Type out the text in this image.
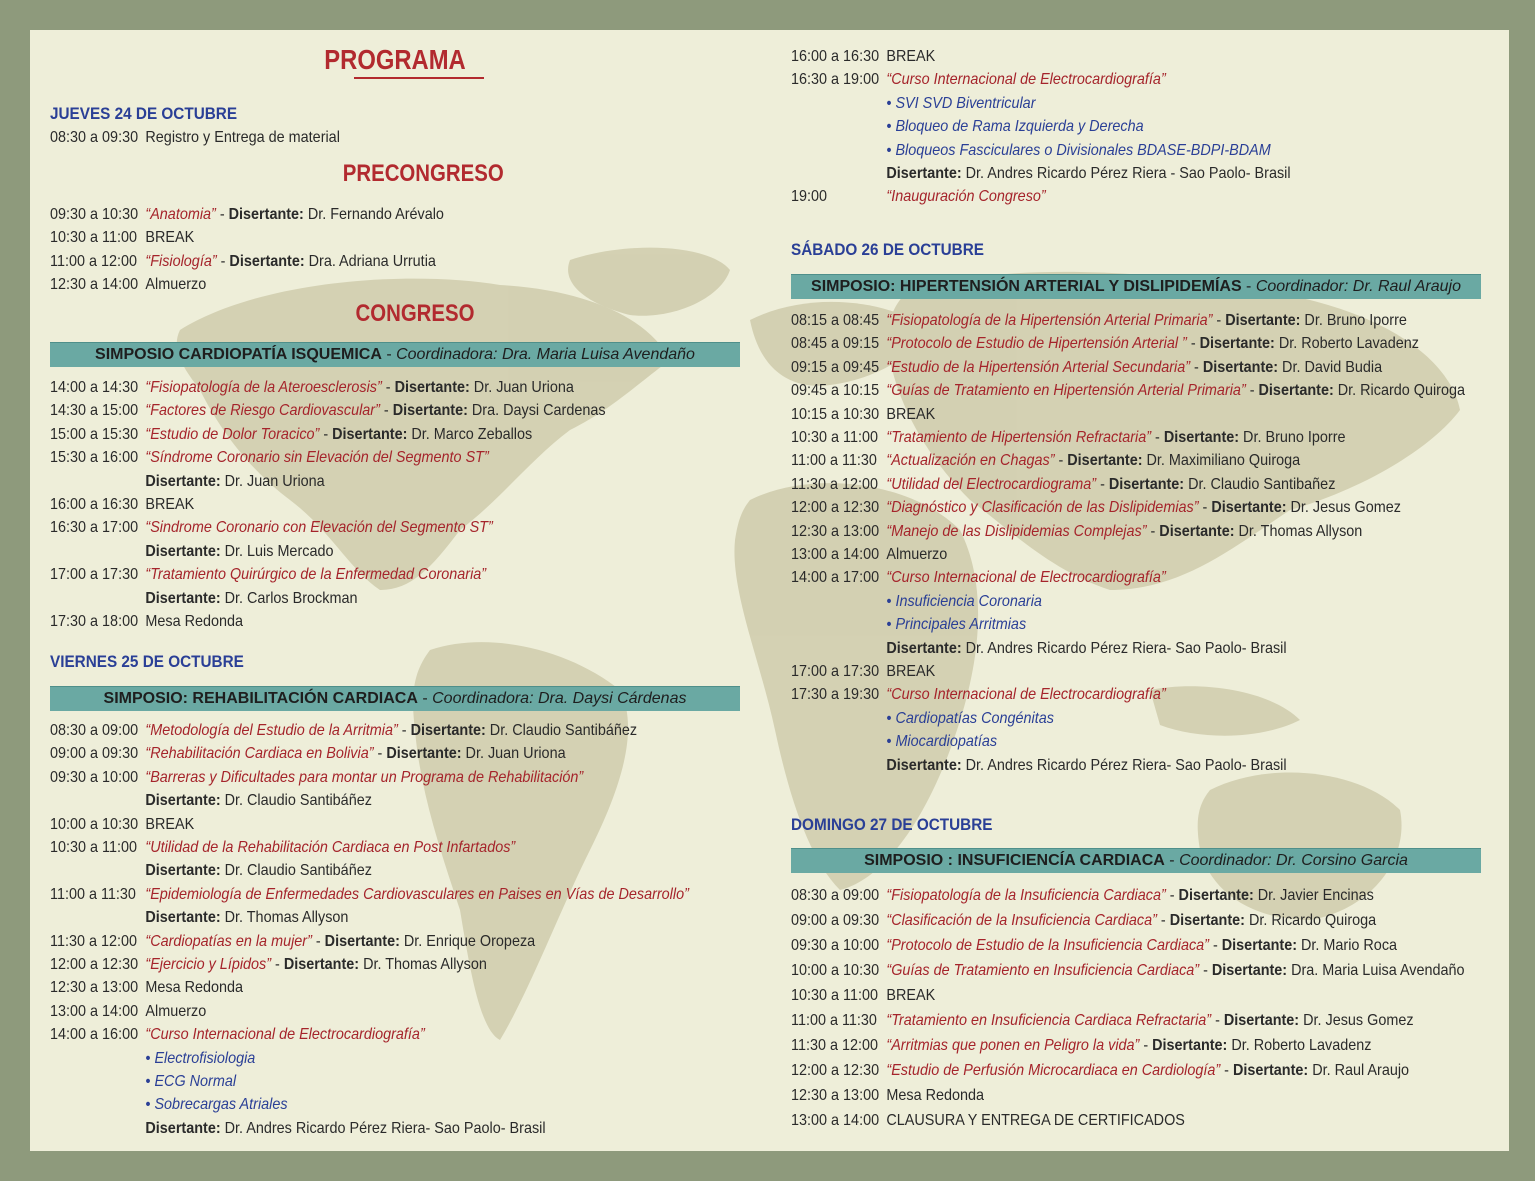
PROGRAMA
JUEVES 24 DE OCTUBRE
08:30 a 09:30 Registro y Entrega de material
PRECONGRESO
09:30 a 10:30 “Anatomia” - Disertante: Dr. Fernando Arévalo
10:30 a 11:00 BREAK
11:00 a 12:00 “Fisiología” - Disertante: Dra. Adriana Urrutia
12:30 a 14:00 Almuerzo
CONGRESO
SIMPOSIO CARDIOPATÍA ISQUEMICA - Coordinadora: Dra. Maria Luisa Avendaño
14:00 a 14:30 “Fisiopatología de la Ateroesclerosis” - Disertante: Dr. Juan Uriona
14:30 a 15:00 “Factores de Riesgo Cardiovascular” - Disertante: Dra. Daysi Cardenas
15:00 a 15:30 “Estudio de Dolor Toracico” - Disertante: Dr. Marco Zeballos
15:30 a 16:00 “Síndrome Coronario sin Elevación del Segmento ST”
Disertante: Dr. Juan Uriona
16:00 a 16:30 BREAK
16:30 a 17:00 “Sindrome Coronario con Elevación del Segmento ST”
Disertante: Dr. Luis Mercado
17:00 a 17:30 “Tratamiento Quirúrgico de la Enfermedad Coronaria”
Disertante: Dr. Carlos Brockman
17:30 a 18:00 Mesa Redonda
VIERNES 25 DE OCTUBRE
SIMPOSIO: REHABILITACIÓN CARDIACA - Coordinadora: Dra. Daysi Cárdenas
08:30 a 09:00 “Metodología del Estudio de la Arritmia” - Disertante: Dr. Claudio Santibáñez
09:00 a 09:30 “Rehabilitación Cardiaca en Bolivia” - Disertante: Dr. Juan Uriona
09:30 a 10:00 “Barreras y Dificultades para montar un Programa de Rehabilitación”
Disertante: Dr. Claudio Santibáñez
10:00 a 10:30 BREAK
10:30 a 11:00 “Utilidad de la Rehabilitación Cardiaca en Post Infartados”
Disertante: Dr. Claudio Santibáñez
11:00 a 11:30 “Epidemiología de Enfermedades Cardiovasculares en Paises en Vías de Desarrollo”
Disertante: Dr. Thomas Allyson
11:30 a 12:00 “Cardiopatías en la mujer” - Disertante: Dr. Enrique Oropeza
12:00 a 12:30 “Ejercicio y Lípidos” - Disertante: Dr. Thomas Allyson
12:30 a 13:00 Mesa Redonda
13:00 a 14:00 Almuerzo
14:00 a 16:00 “Curso Internacional de Electrocardiografía”
• Electrofisiologia
• ECG Normal
• Sobrecargas Atriales
Disertante: Dr. Andres Ricardo Pérez Riera- Sao Paolo- Brasil
16:00 a 16:30 BREAK
16:30 a 19:00 “Curso Internacional de Electrocardiografía”
• SVI SVD Biventricular
• Bloqueo de Rama Izquierda y Derecha
• Bloqueos Fasciculares o Divisionales BDASE-BDPI-BDAM
Disertante: Dr. Andres Ricardo Pérez Riera - Sao Paolo- Brasil
19:00	“Inauguración Congreso”
SÁBADO 26 DE OCTUBRE
SIMPOSIO: HIPERTENSIÓN ARTERIAL Y DISLIPIDEMÍAS - Coordinador: Dr. Raul Araujo
08:15 a 08:45 “Fisiopatología de la Hipertensión Arterial Primaria” - Disertante: Dr. Bruno Iporre
08:45 a 09:15 “Protocolo de Estudio de Hipertensión Arterial ” - Disertante: Dr. Roberto Lavadenz
09:15 a 09:45 “Estudio de la Hipertensión Arterial Secundaria” - Disertante: Dr. David Budia
09:45 a 10:15 “Guías de Tratamiento en Hipertensión Arterial Primaria” - Disertante: Dr. Ricardo Quiroga
10:15 a 10:30 BREAK
10:30 a 11:00 “Tratamiento de Hipertensión Refractaria” - Disertante: Dr. Bruno Iporre
11:00 a 11:30 “Actualización en Chagas” - Disertante: Dr. Maximiliano Quiroga
11:30 a 12:00 “Utilidad del Electrocardiograma” - Disertante: Dr. Claudio Santibañez
12:00 a 12:30 “Diagnóstico y Clasificación de las Dislipidemias” - Disertante: Dr. Jesus Gomez
12:30 a 13:00 “Manejo de las Dislipidemias Complejas” - Disertante: Dr. Thomas Allyson
13:00 a 14:00 Almuerzo
14:00 a 17:00 “Curso Internacional de Electrocardiografía”
• Insuficiencia Coronaria
• Principales Arritmias
Disertante: Dr. Andres Ricardo Pérez Riera- Sao Paolo- Brasil
17:00 a 17:30 BREAK
17:30 a 19:30 “Curso Internacional de Electrocardiografía”
• Cardiopatías Congénitas
• Miocardiopatías
Disertante: Dr. Andres Ricardo Pérez Riera- Sao Paolo- Brasil
DOMINGO 27 DE OCTUBRE
SIMPOSIO : INSUFICIENCÍA CARDIACA - Coordinador: Dr. Corsino Garcia
08:30 a 09:00 “Fisiopatología de la Insuficiencia Cardiaca” - Disertante: Dr. Javier Encinas
09:00 a 09:30 “Clasificación de la Insuficiencia Cardiaca” - Disertante: Dr. Ricardo Quiroga
09:30 a 10:00 “Protocolo de Estudio de la Insuficiencia Cardiaca” - Disertante: Dr. Mario Roca
10:00 a 10:30 “Guías de Tratamiento en Insuficiencia Cardiaca” - Disertante: Dra. Maria Luisa Avendaño
10:30 a 11:00 BREAK
11:00 a 11:30 “Tratamiento en Insuficiencia Cardiaca Refractaria” - Disertante: Dr. Jesus Gomez
11:30 a 12:00 “Arritmias que ponen en Peligro la vida” - Disertante: Dr. Roberto Lavadenz
12:00 a 12:30 “Estudio de Perfusión Microcardiaca en Cardiología” - Disertante: Dr. Raul Araujo
12:30 a 13:00 Mesa Redonda
13:00 a 14:00 CLAUSURA Y ENTREGA DE CERTIFICADOS
